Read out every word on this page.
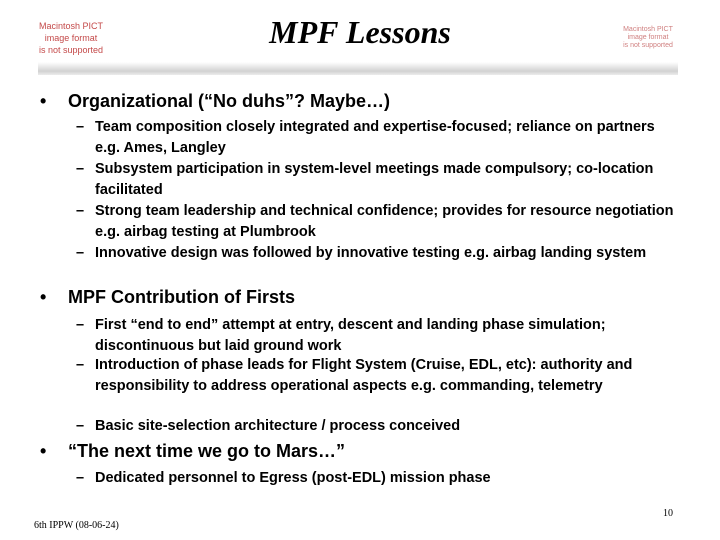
Macintosh PICT
image format
is not supported	MPF Lessons	Macintosh PICT
image format
is not supported
• Organizational (“No duhs”? Maybe…)
– Team composition closely integrated and expertise-focused; reliance on partners e.g. Ames, Langley
– Subsystem participation in system-level meetings made compulsory; co-location facilitated
– Strong team leadership and technical confidence; provides for resource negotiation e.g. airbag testing at Plumbrook
– Innovative design was followed by innovative testing e.g. airbag landing system
• MPF Contribution of Firsts
– First “end to end” attempt at entry, descent and landing phase simulation; discontinuous but laid ground work
– Introduction of phase leads for Flight System (Cruise, EDL, etc): authority and responsibility to address operational aspects e.g. commanding, telemetry
– Basic site-selection architecture / process conceived
• “The next time we go to Mars…”
– Dedicated personnel to Egress (post-EDL) mission phase
10
6th IPPW (08-06-24)
